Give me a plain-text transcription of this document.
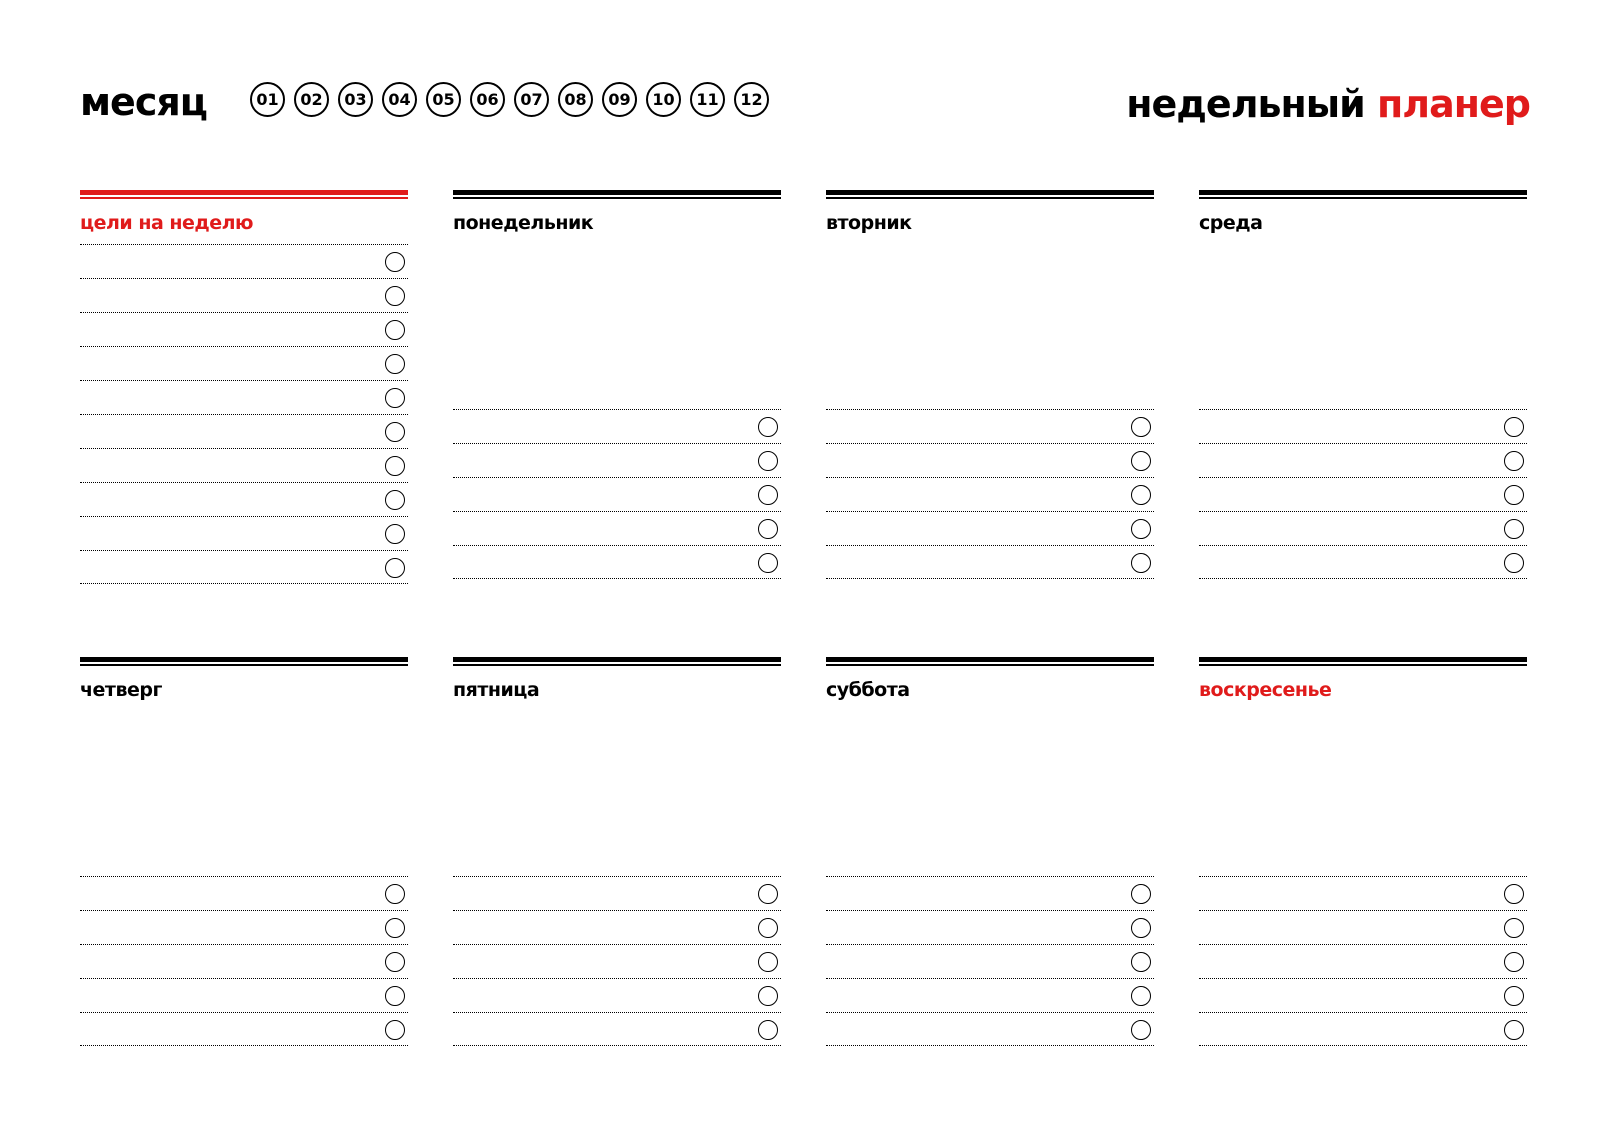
месяц	01	02	03	04	05	06	07	08	09	10	11	12	недельный планер
цели на неделю	понедельник	вторник	среда
четверг	пятница	суббота	воскресенье
